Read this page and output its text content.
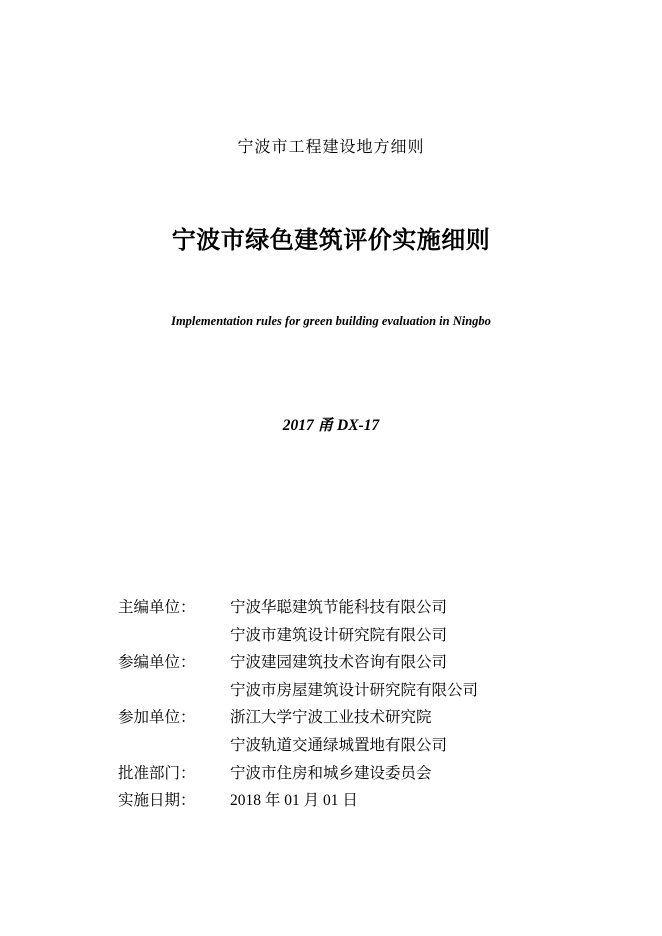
宁波市工程建设地方细则
宁波市绿色建筑评价实施细则
Implementation rules for green building evaluation in Ningbo
2017 甬 DX-17
主编单位： 宁波华聪建筑节能科技有限公司
宁波市建筑设计研究院有限公司
参编单位： 宁波建园建筑技术咨询有限公司
宁波市房屋建筑设计研究院有限公司
参加单位： 浙江大学宁波工业技术研究院
宁波轨道交通绿城置地有限公司
批准部门： 宁波市住房和城乡建设委员会
实施日期： 2018 年 01 月 01 日
